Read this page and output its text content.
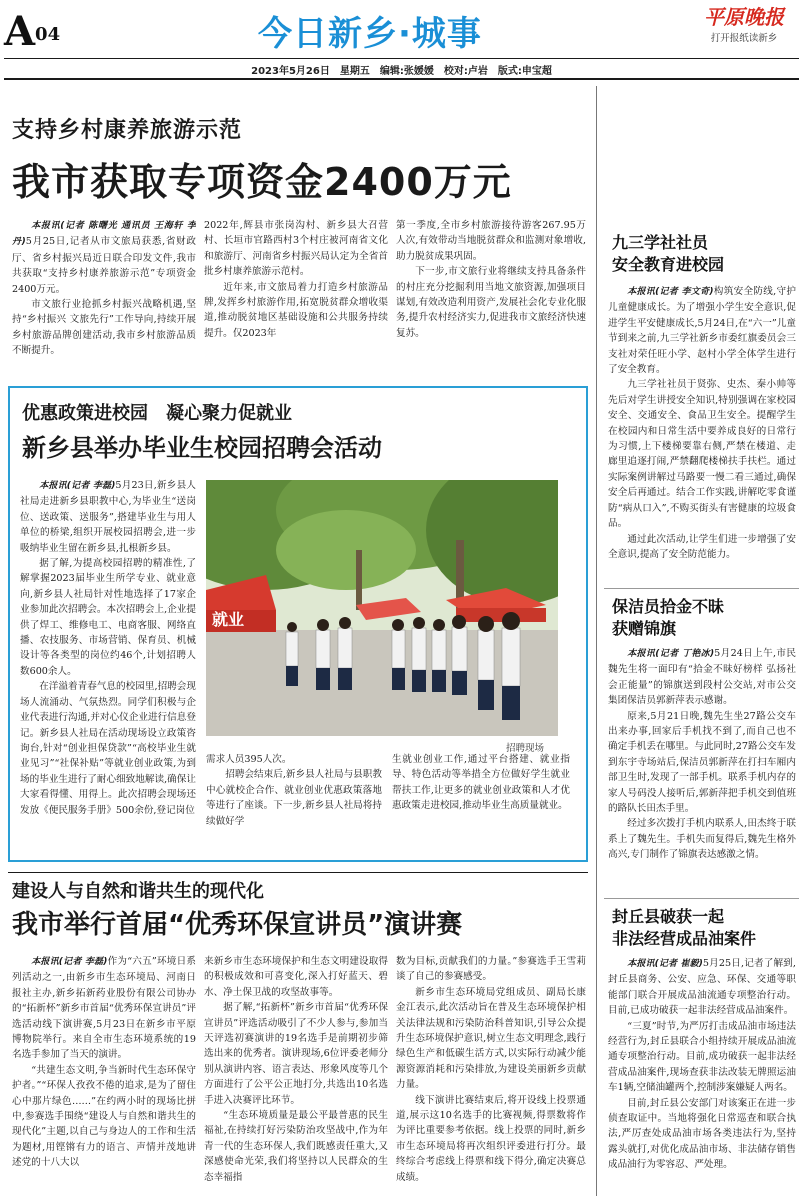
A04	今日新乡·城事	平原晚报
打开报纸读新乡
2023年5月26日　星期五　编辑:张媛媛　校对:卢岩　版式:申宝超
支持乡村康养旅游示范
我市获取专项资金2400万元

本报讯(记者 陈曙光 通讯员 王海轩 李丹)5月25日,记者从市文旅局获悉,省财政厅、省乡村振兴局近日联合印发文件,我市共获取“支持乡村康养旅游示范”专项资金2400万元。

市文旅行业抢抓乡村振兴战略机遇,坚持“乡村振兴 文旅先行”工作导向,持续开展乡村旅游品牌创建活动,我市乡村旅游品质不断提升。

2022年,辉县市张岗沟村、新乡县大召营村、长垣市官路西村3个村庄被河南省文化和旅游厅、河南省乡村振兴局认定为全省首批乡村康养旅游示范村。

近年来,市文旅局着力打造乡村旅游品牌,发挥乡村旅游作用,拓宽脱贫群众增收渠道,推动脱贫地区基础设施和公共服务持续提升。仅2023年

第一季度,全市乡村旅游接待游客267.95万人次,有效带动当地脱贫群众和监测对象增收,助力脱贫成果巩固。

下一步,市文旅行业将继续支持具备条件的村庄充分挖掘利用当地文旅资源,加强项目谋划,有效改造利用资产,发展社会化专业化服务,提升农村经济实力,促进我市文旅经济快速复苏。

优惠政策进校园　凝心聚力促就业
新乡县举办毕业生校园招聘会活动

本报讯(记者 李磊)5月23日,新乡县人社局走进新乡县职教中心,为毕业生“送岗位、送政策、送服务”,搭建毕业生与用人单位的桥梁,组织开展校园招聘会,进一步吸纳毕业生留在新乡县,扎根新乡县。

据了解,为提高校园招聘的精准性,了解掌握2023届毕业生所学专业、就业意向,新乡县人社局针对性地选择了17家企业参加此次招聘会。本次招聘会上,企业提供了焊工、维修电工、电商客服、网络直播、农技服务、市场营销、保育员、机械设计等各类型的岗位约46个,计划招聘人数600余人。

在洋溢着青春气息的校园里,招聘会现场人流涌动、气氛热烈。同学们积极与企业代表进行沟通,并对心仪企业进行信息登记。新乡县人社局在活动现场设立政策咨询台,针对“创业担保贷款”“高校毕业生就业见习”“社保补贴”等就业创业政策,为到场的毕业生进行了耐心细致地解读,确保让大家看得懂、用得上。此次招聘会现场还发放《便民服务手册》500余份,登记岗位

就业
招聘现场

需求人员395人次。

招聘会结束后,新乡县人社局与县职教中心就校企合作、就业创业优惠政策落地等进行了座谈。下一步,新乡县人社局将持续做好学

生就业创业工作,通过平台搭建、就业指导、特色活动等举措全方位做好学生就业帮扶工作,让更多的就业创业政策和人才优惠政策走进校园,推动毕业生高质量就业。

建设人与自然和谐共生的现代化
我市举行首届“优秀环保宣讲员”演讲赛

本报讯(记者 李磊)作为“六五”环境日系列活动之一,由新乡市生态环境局、河南日报社主办,新乡拓新药业股份有限公司协办的“拓新杯”新乡市首届“优秀环保宣讲员”评选活动线下演讲赛,5月23日在新乡市平原博物院举行。来自全市生态环境系统的19名选手参加了当天的演讲。

“共建生态文明,争当新时代生态环保守护者。”“环保人孜孜不倦的追求,是为了留住心中那片绿色……”在约两小时的现场比拼中,参赛选手围绕“建设人与自然和谐共生的现代化”主题,以自己与身边人的工作和生活为题材,用铿锵有力的语言、声情并茂地讲述党的十八大以

来新乡市生态环境保护和生态文明建设取得的积极成效和可喜变化,深入打好蓝天、碧水、净土保卫战的攻坚故事等。

据了解,“拓新杯”新乡市首届“优秀环保宣讲员”评选活动吸引了不少人参与,参加当天评选初赛演讲的19名选手是前期初步筛选出来的优秀者。演讲现场,6位评委老师分别从演讲内容、语言表达、形象风度等几个方面进行了公平公正地打分,共选出10名选手进入决赛评比环节。

“生态环境质量是最公平最普惠的民生福祉,在持续打好污染防治攻坚战中,作为年青一代的生态环保人,我们既感责任重大,又深感使命光荣,我们将坚持以人民群众的生态幸福指

数为目标,贡献我们的力量。”参赛选手王雪莉谈了自己的参赛感受。

新乡市生态环境局党组成员、副局长康金江表示,此次活动旨在普及生态环境保护相关法律法规和污染防治科普知识,引导公众提升生态环境保护意识,树立生态文明理念,践行绿色生产和低碳生活方式,以实际行动减少能源资源消耗和污染排放,为建设美丽新乡贡献力量。

线下演讲比赛结束后,将开设线上投票通道,展示这10名选手的比赛视频,得票数将作为评比重要参考依据。线上投票的同时,新乡市生态环境局将再次组织评委进行打分。最终综合考虑线上得票和线下得分,确定决赛总成绩。

九三学社社员
安全教育进校园

本报讯(记者 李文奇)构筑安全防线,守护儿童健康成长。为了增强小学生安全意识,促进学生平安健康成长,5月24日,在“六一”儿童节到来之前,九三学社新乡市委红旗委员会三支社对荣任旺小学、赵村小学全体学生进行了安全教育。

九三学社社员于贤弥、史杰、秦小帅等先后对学生讲授安全知识,特别强调在家校园安全、交通安全、食品卫生安全。提醒学生在校园内和日常生活中要养成良好的日常行为习惯,上下楼梯要靠右侧,严禁在楼道、走廊里追逐打闹,严禁翻爬楼梯扶手扶栏。通过实际案例讲解过马路要一慢二看三通过,确保安全后再通过。结合工作实践,讲解吃零食谨防“病从口入”,不购买街头有害健康的垃圾食品。

通过此次活动,让学生们进一步增强了安全意识,提高了安全防范能力。

保洁员拾金不昧
获赠锦旗

本报讯(记者 丁艳冰)5月24日上午,市民魏先生将一面印有“拾金不昧好榜样 弘扬社会正能量”的锦旗送到段村公交站,对市公交集团保洁员郭新萍表示感谢。

原来,5月21日晚,魏先生坐27路公交车出来办事,回家后手机找不到了,而自己也不确定手机丢在哪里。与此同时,27路公交车发到东宇寺场站后,保洁员郭新萍在打扫车厢内部卫生时,发现了一部手机。联系手机内存的家人号码没人接听后,郭新萍把手机交到值班的路队长田杰手里。

经过多次拨打手机内联系人,田杰终于联系上了魏先生。手机失而复得后,魏先生格外高兴,专门制作了锦旗表达感激之情。

封丘县破获一起
非法经营成品油案件

本报讯(记者 崔毅)5月25日,记者了解到,封丘县商务、公安、应急、环保、交通等职能部门联合开展成品油流通专项整治行动。目前,已成功破获一起非法经营成品油案件。

“三夏”时节,为严厉打击成品油市场违法经营行为,封丘县联合小组持续开展成品油流通专项整治行动。目前,成功破获一起非法经营成品油案件,现场查获非法改装无牌照运油车1辆,空储油罐两个,控制涉案嫌疑人两名。

目前,封丘县公安部门对该案正在进一步侦查取证中。当地将强化日常巡查和联合执法,严厉查处成品油市场各类违法行为,坚持露头就打,对优化成品油市场、非法储存销售成品油行为零容忍、严处理。
